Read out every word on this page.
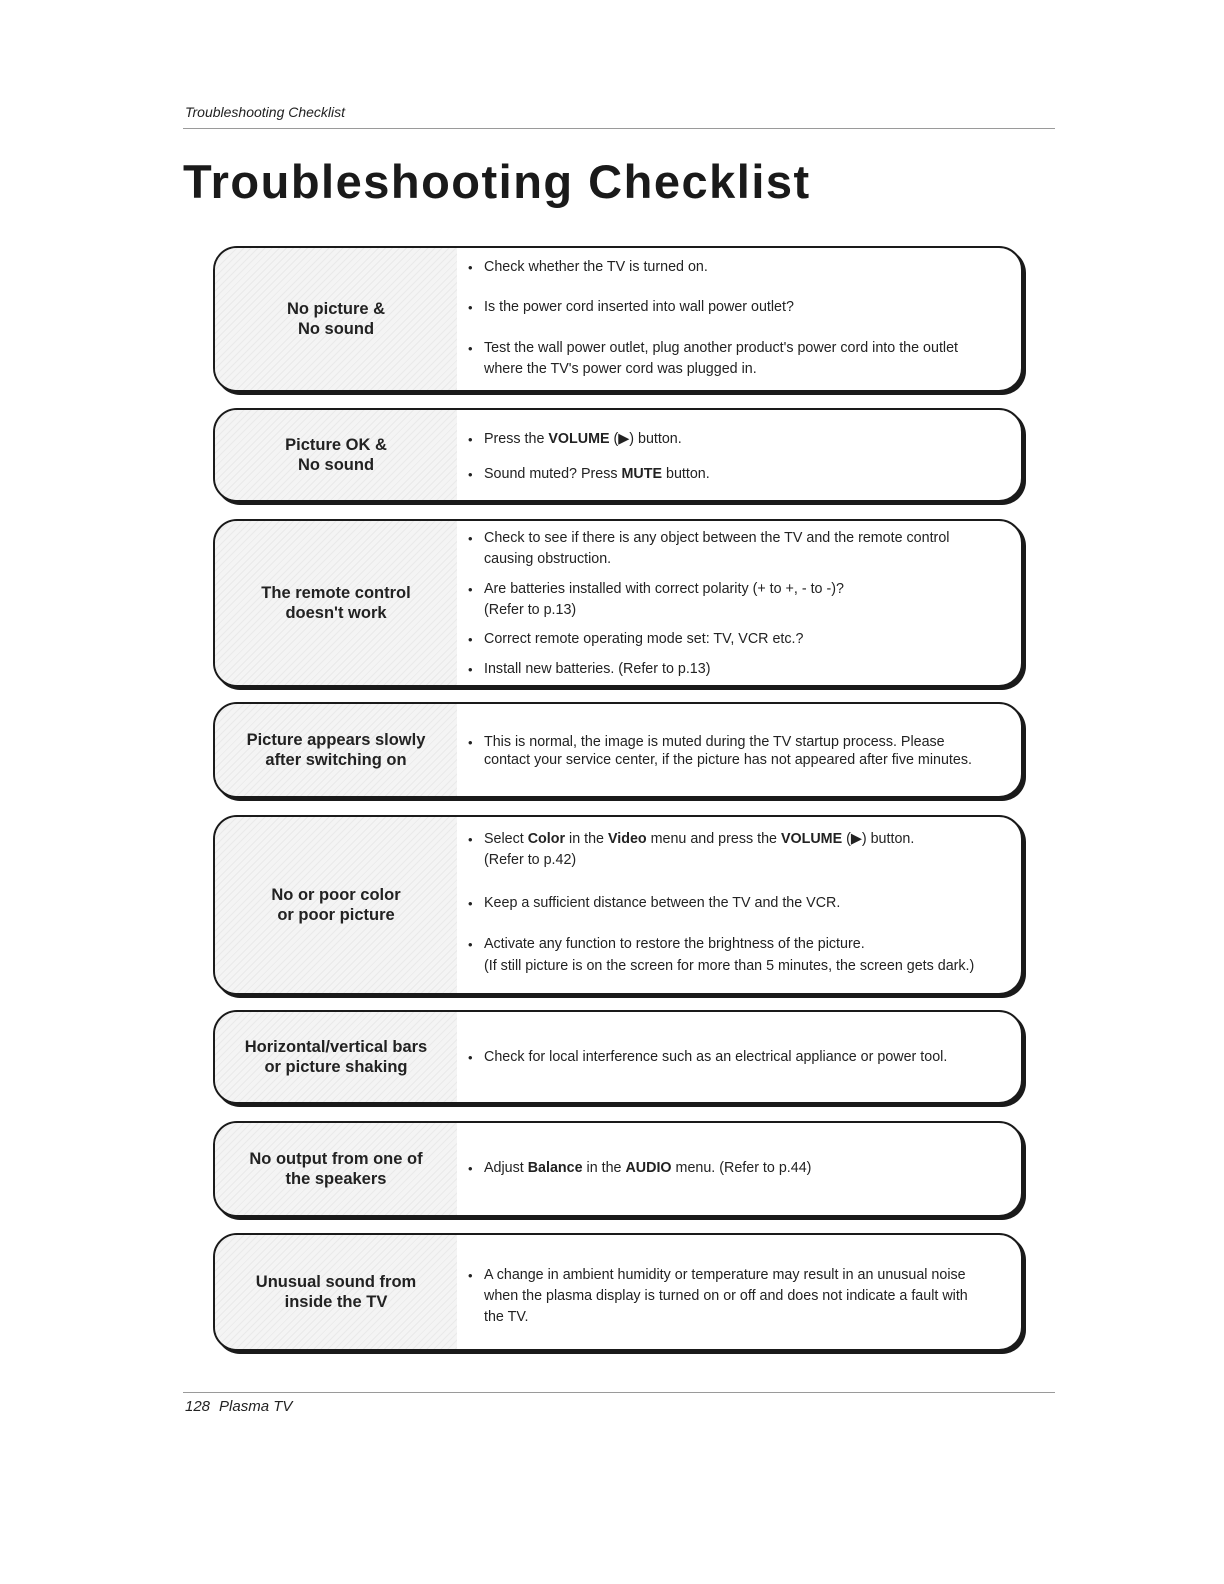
Troubleshooting Checklist
Troubleshooting Checklist
No picture &
No sound
• Check whether the TV is turned on.
• Is the power cord inserted into wall power outlet?
• Test the wall power outlet, plug another product's power cord into the outlet
where the TV's power cord was plugged in.
Picture OK &
No sound
• Press the VOLUME (▶) button.
• Sound muted? Press MUTE button.
The remote control
doesn't work
• Check to see if there is any object between the TV and the remote control
causing obstruction.
• Are batteries installed with correct polarity (+ to +, - to -)?
(Refer to p.13)
• Correct remote operating mode set: TV, VCR etc.?
• Install new batteries. (Refer to p.13)
Picture appears slowly
after switching on
• This is normal, the image is muted during the TV startup process. Please
contact your service center, if the picture has not appeared after five minutes.
No or poor color
or poor picture
• Select Color in the Video menu and press the VOLUME (▶) button.
(Refer to p.42)
• Keep a sufficient distance between the TV and the VCR.
• Activate any function to restore the brightness of the picture.
(If still picture is on the screen for more than 5 minutes, the screen gets dark.)
Horizontal/vertical bars
or picture shaking
• Check for local interference such as an electrical appliance or power tool.
No output from one of
the speakers
• Adjust Balance in the AUDIO menu. (Refer to p.44)
Unusual sound from
inside the TV
• A change in ambient humidity or temperature may result in an unusual noise
when the plasma display is turned on or off and does not indicate a fault with
the TV.
128 Plasma TV
